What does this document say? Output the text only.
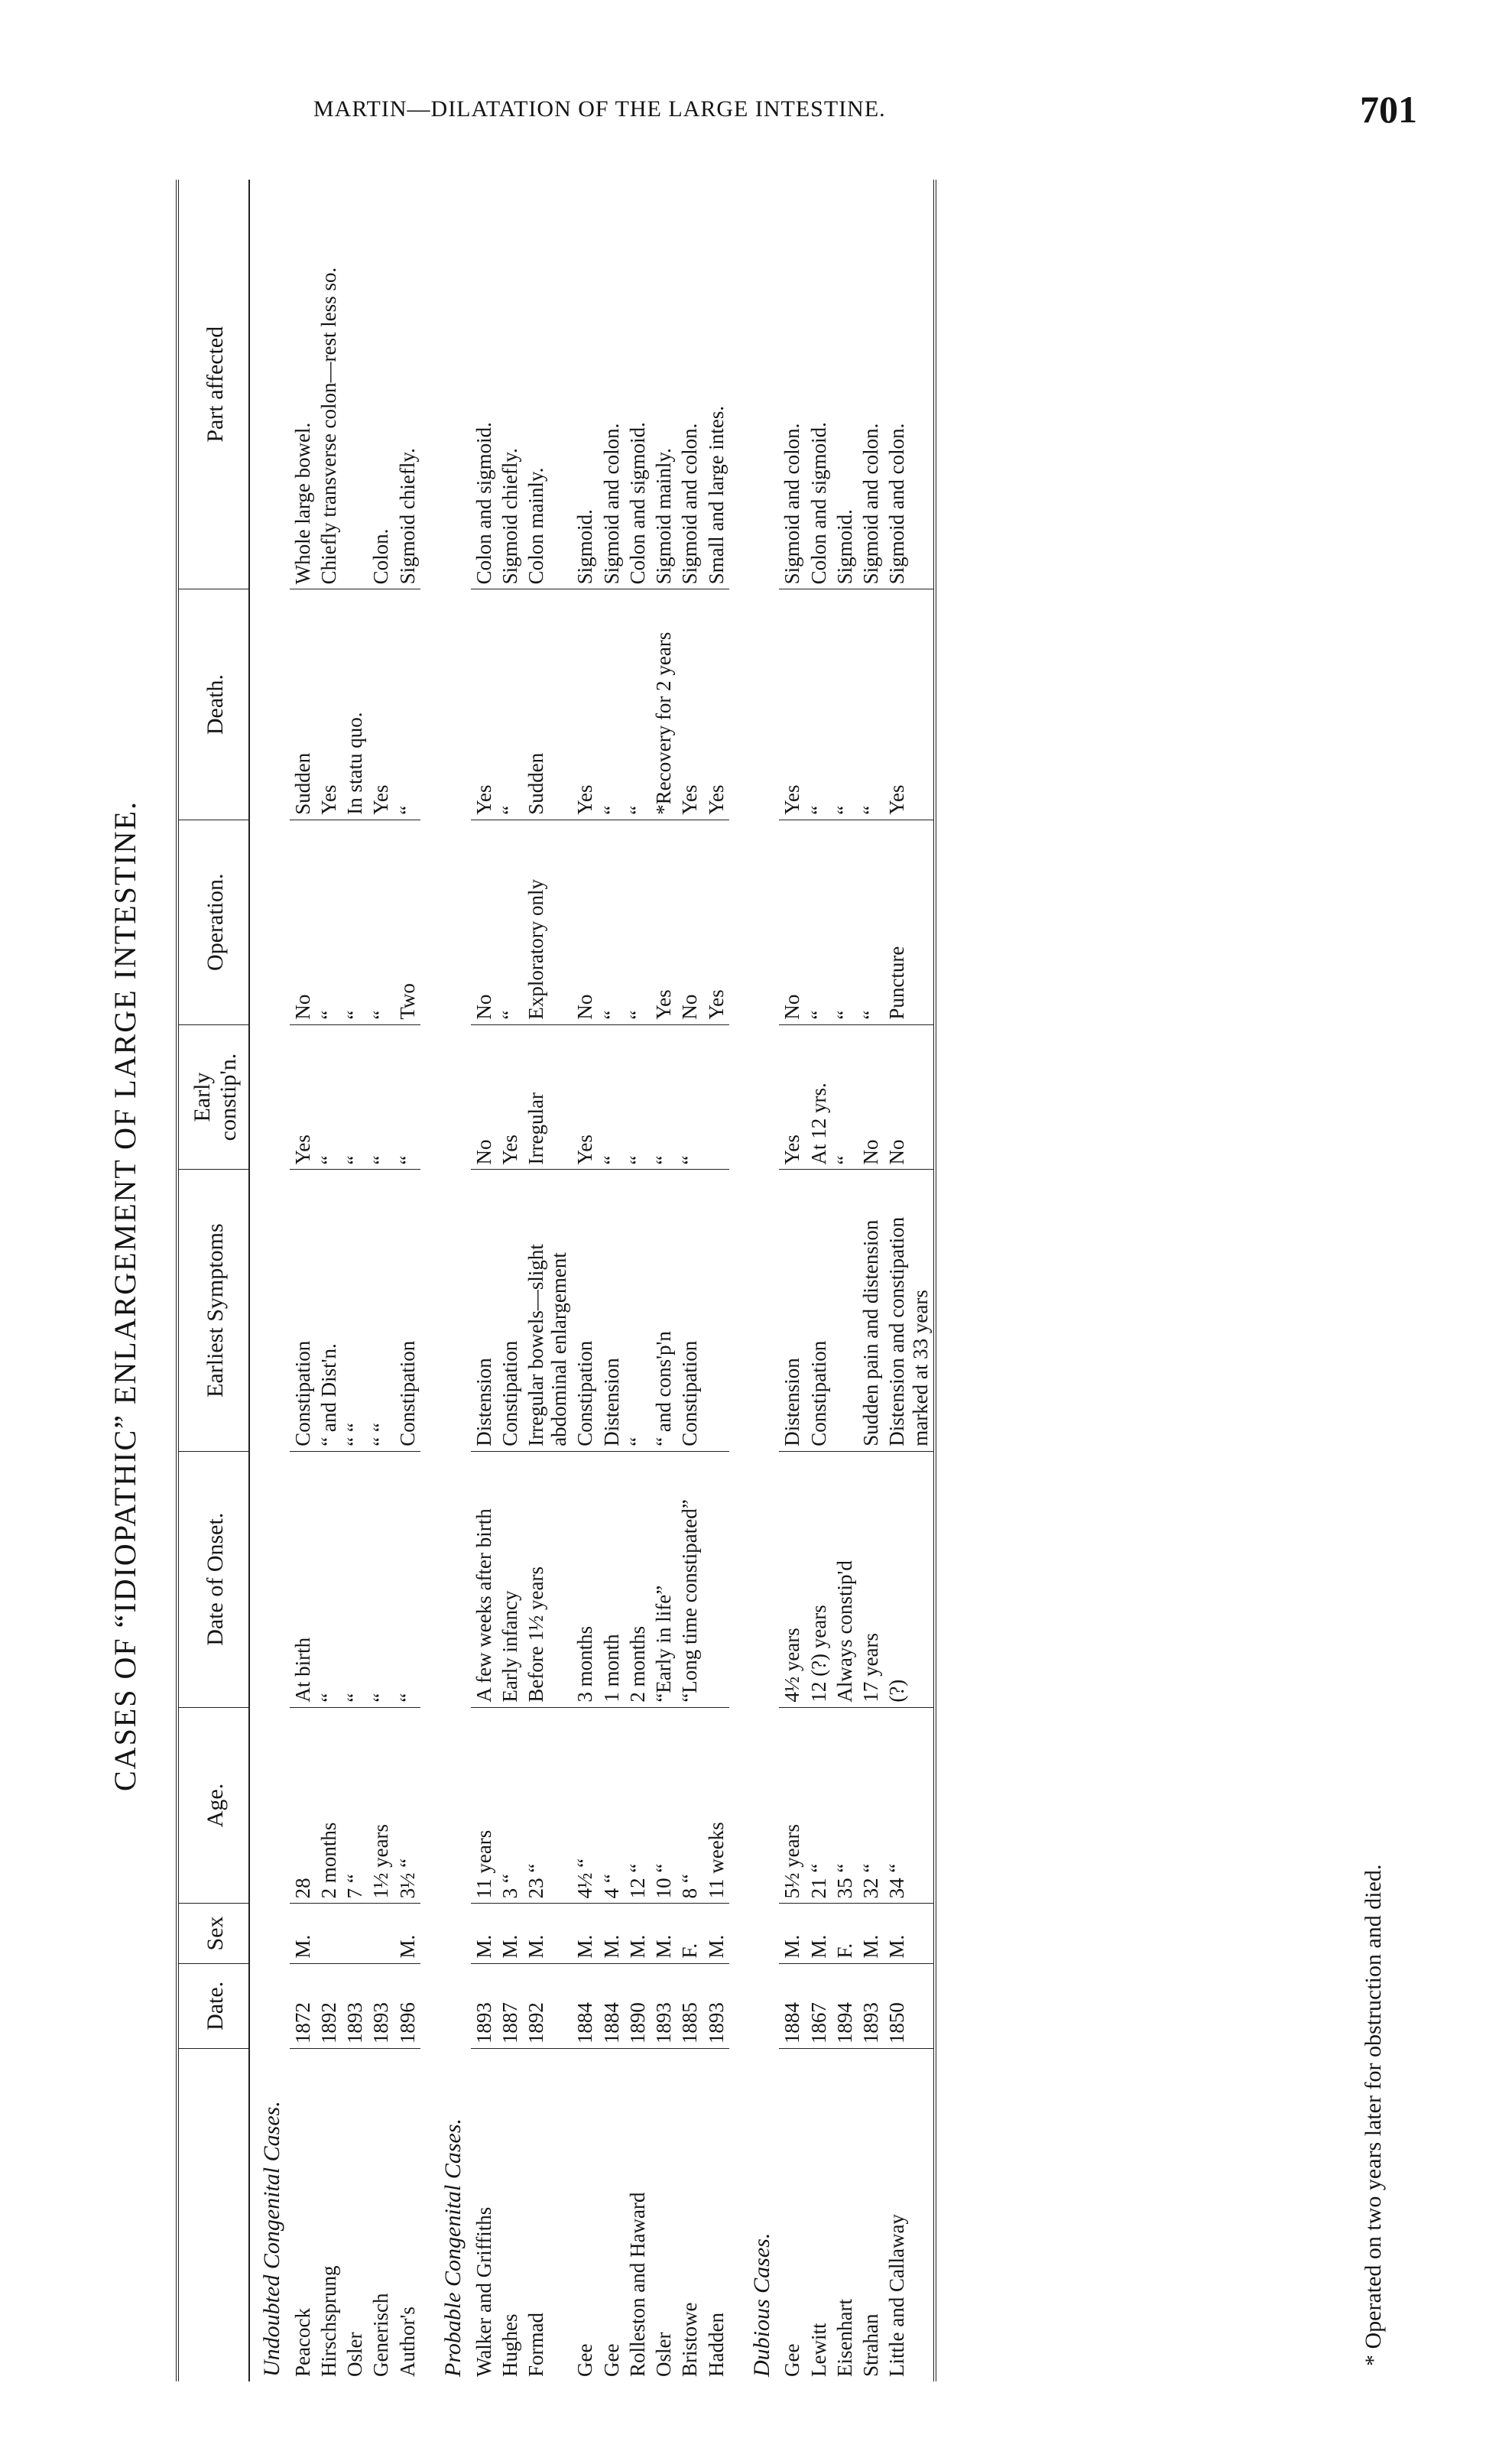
MARTIN—DILATATION OF THE LARGE INTESTINE.	701
CASES OF “IDIOPATHIC” ENLARGEMENT OF LARGE INTESTINE.
	Date.	Sex	Age.	Date of Onset.	Earliest Symptoms	Early constip'n.	Operation.	Death.	Part affected
Undoubted Congenital Cases.									
Peacock	1872	M.	28	At birth	Constipation	Yes	No	Sudden	Whole large bowel.
Hirschsprung	1892		2 months	“	“ and Dist'n.	“	“	Yes	Chiefly transverse colon—rest less so.
Osler	1893		7 “	“	“ “	“	“	In statu quo.	
Generisch	1893		1½ years	“	“ “	“	“	Yes	Colon.
Author's	1896	M.	3½ “	“	Constipation	“	Two	“	Sigmoid chiefly.

Probable Congenital Cases.									
Walker and Griffiths	1893	M.	11 years	A few weeks after birth	Distension	No	No	Yes	Colon and sigmoid.
Hughes	1887	M.	3 “	Early infancy	Constipation	Yes	“	“	Sigmoid chiefly.
Formad	1892	M.	23 “	Before 1½ years	Irregular bowels—slight abdominal enlargement	Irregular	Exploratory only	Sudden	Colon mainly.
Gee	1884	M.	4½ “	3 months	Constipation	Yes	No	Yes	Sigmoid.
Gee	1884	M.	4 “	1 month	Distension	“	“	“	Sigmoid and colon.
Rolleston and Haward	1890	M.	12 “	2 months	“	“	“	“	Colon and sigmoid.
Osler	1893	M.	10 “	“Early in life”	“ and cons'p'n	“	Yes	*Recovery for 2 years	Sigmoid mainly.
Bristowe	1885	F.	8 “	“Long time constipated”	Constipation	“	No	Yes	Sigmoid and colon.
Hadden	1893	M.	11 weeks				Yes	Yes	Small and large intes.

Dubious Cases.									
Gee	1884	M.	5½ years	4½ years	Distension	Yes	No	Yes	Sigmoid and colon.
Lewitt	1867	M.	21 “	12 (?) years	Constipation	At 12 yrs.	“	“	Colon and sigmoid.
Eisenhart	1894	F.	35 “	Always constip'd		“	“	“	Sigmoid.
Strahan	1893	M.	32 “	17 years	Sudden pain and distension	No	“	“	Sigmoid and colon.
Little and Callaway	1850	M.	34 “	(?)	Distension and constipation marked at 33 years	No	Puncture	Yes	Sigmoid and colon.
* Operated on two years later for obstruction and died.
